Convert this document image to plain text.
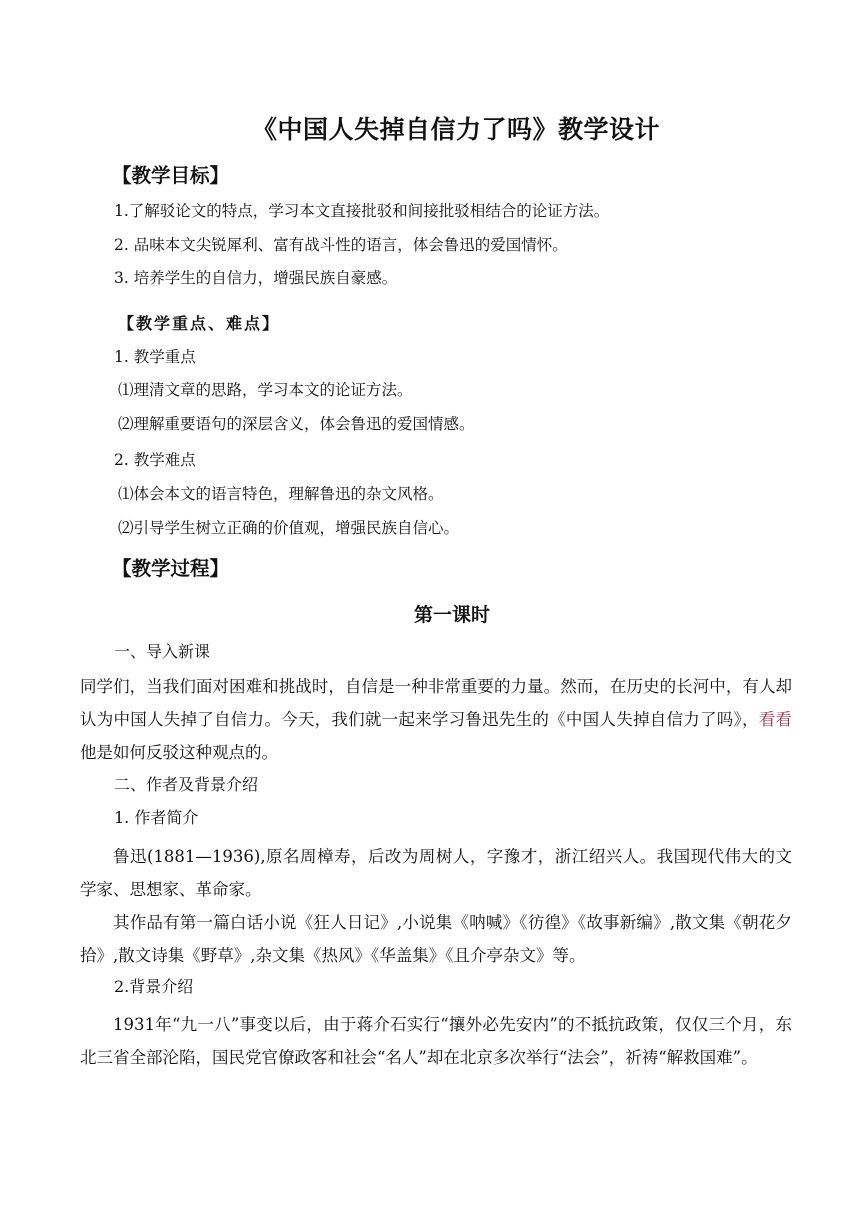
《中国人失掉自信力了吗》教学设计
【教学目标】
1.了解驳论文的特点，学习本文直接批驳和间接批驳相结合的论证方法。
2. 品味本文尖锐犀利、富有战斗性的语言，体会鲁迅的爱国情怀。
3. 培养学生的自信力，增强民族自豪感。
【教学重点、难点】
1. 教学重点
⑴理清文章的思路，学习本文的论证方法。
⑵理解重要语句的深层含义，体会鲁迅的爱国情感。
2. 教学难点
⑴体会本文的语言特色，理解鲁迅的杂文风格。
⑵引导学生树立正确的价值观，增强民族自信心。
【教学过程】
第一课时
一、导入新课
同学们，当我们面对困难和挑战时，自信是一种非常重要的力量。然而，在历史的长河中，有人却认为中国人失掉了自信力。今天，我们就一起来学习鲁迅先生的《中国人失掉自信力了吗》，看看他是如何反驳这种观点的。
二、作者及背景介绍
1. 作者简介
鲁迅(1881—1936),原名周樟寿，后改为周树人，字豫才，浙江绍兴人。我国现代伟大的文学家、思想家、革命家。
其作品有第一篇白话小说《狂人日记》,小说集《呐喊》《彷徨》《故事新编》,散文集《朝花夕拾》,散文诗集《野草》,杂文集《热风》《华盖集》《且介亭杂文》等。
2.背景介绍
1931年“九一八”事变以后，由于蒋介石实行“攘外必先安内”的不抵抗政策，仅仅三个月，东北三省全部沦陷，国民党官僚政客和社会“名人”却在北京多次举行“法会”，祈祷“解救国难”。
